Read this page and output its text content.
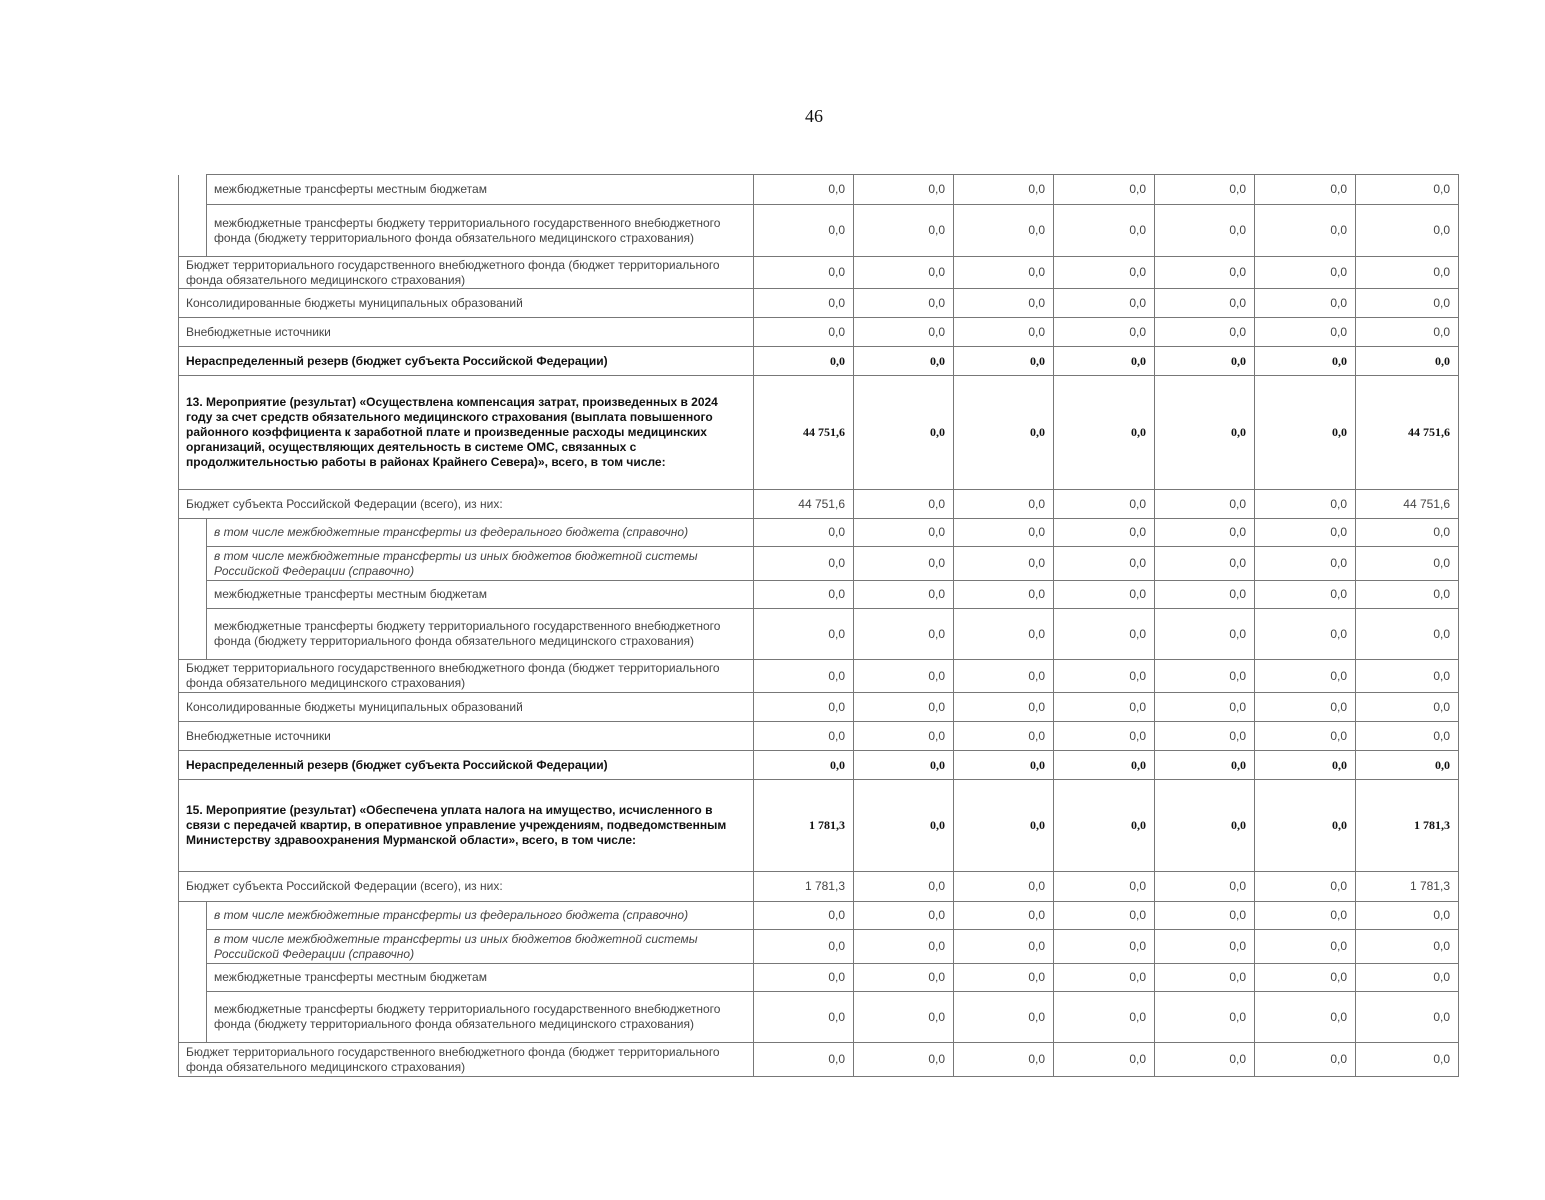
46
	межбюджетные трансферты местным бюджетам	0,0	0,0	0,0	0,0	0,0	0,0	0,0
	межбюджетные трансферты бюджету территориального государственного внебюджетного фонда (бюджету территориального фонда обязательного медицинского страхования)	0,0	0,0	0,0	0,0	0,0	0,0	0,0
Бюджет территориального государственного внебюджетного фонда (бюджет территориального фонда обязательного медицинского страхования)		0,0	0,0	0,0	0,0	0,0	0,0	0,0
Консолидированные бюджеты муниципальных образований		0,0	0,0	0,0	0,0	0,0	0,0	0,0
Внебюджетные источники		0,0	0,0	0,0	0,0	0,0	0,0	0,0
Нераспределенный резерв (бюджет субъекта Российской Федерации)		0,0	0,0	0,0	0,0	0,0	0,0	0,0
13. Мероприятие (результат) «Осуществлена компенсация затрат, произведенных в 2024 году за счет средств обязательного медицинского страхования (выплата повышенного районного коэффициента к заработной плате и произведенные расходы медицинских организаций, осуществляющих деятельность в системе ОМС, связанных с продолжительностью работы в районах Крайнего Севера)», всего, в том числе:		44 751,6	0,0	0,0	0,0	0,0	0,0	44 751,6
Бюджет субъекта Российской Федерации (всего), из них:		44 751,6	0,0	0,0	0,0	0,0	0,0	44 751,6
	в том числе межбюджетные трансферты из федерального бюджета (справочно)	0,0	0,0	0,0	0,0	0,0	0,0	0,0
	в том числе межбюджетные трансферты из иных бюджетов бюджетной системы Российской Федерации (справочно)	0,0	0,0	0,0	0,0	0,0	0,0	0,0
	межбюджетные трансферты местным бюджетам	0,0	0,0	0,0	0,0	0,0	0,0	0,0
	межбюджетные трансферты бюджету территориального государственного внебюджетного фонда (бюджету территориального фонда обязательного медицинского страхования)	0,0	0,0	0,0	0,0	0,0	0,0	0,0
Бюджет территориального государственного внебюджетного фонда (бюджет территориального фонда обязательного медицинского страхования)		0,0	0,0	0,0	0,0	0,0	0,0	0,0
Консолидированные бюджеты муниципальных образований		0,0	0,0	0,0	0,0	0,0	0,0	0,0
Внебюджетные источники		0,0	0,0	0,0	0,0	0,0	0,0	0,0
Нераспределенный резерв (бюджет субъекта Российской Федерации)		0,0	0,0	0,0	0,0	0,0	0,0	0,0
15. Мероприятие (результат) «Обеспечена уплата налога на имущество, исчисленного в связи с передачей квартир, в оперативное управление учреждениям, подведомственным Министерству здравоохранения Мурманской области», всего, в том числе:		1 781,3	0,0	0,0	0,0	0,0	0,0	1 781,3
Бюджет субъекта Российской Федерации (всего), из них:		1 781,3	0,0	0,0	0,0	0,0	0,0	1 781,3
	в том числе межбюджетные трансферты из федерального бюджета (справочно)	0,0	0,0	0,0	0,0	0,0	0,0	0,0
	в том числе межбюджетные трансферты из иных бюджетов бюджетной системы Российской Федерации (справочно)	0,0	0,0	0,0	0,0	0,0	0,0	0,0
	межбюджетные трансферты местным бюджетам	0,0	0,0	0,0	0,0	0,0	0,0	0,0
	межбюджетные трансферты бюджету территориального государственного внебюджетного фонда (бюджету территориального фонда обязательного медицинского страхования)	0,0	0,0	0,0	0,0	0,0	0,0	0,0
Бюджет территориального государственного внебюджетного фонда (бюджет территориального фонда обязательного медицинского страхования)		0,0	0,0	0,0	0,0	0,0	0,0	0,0
